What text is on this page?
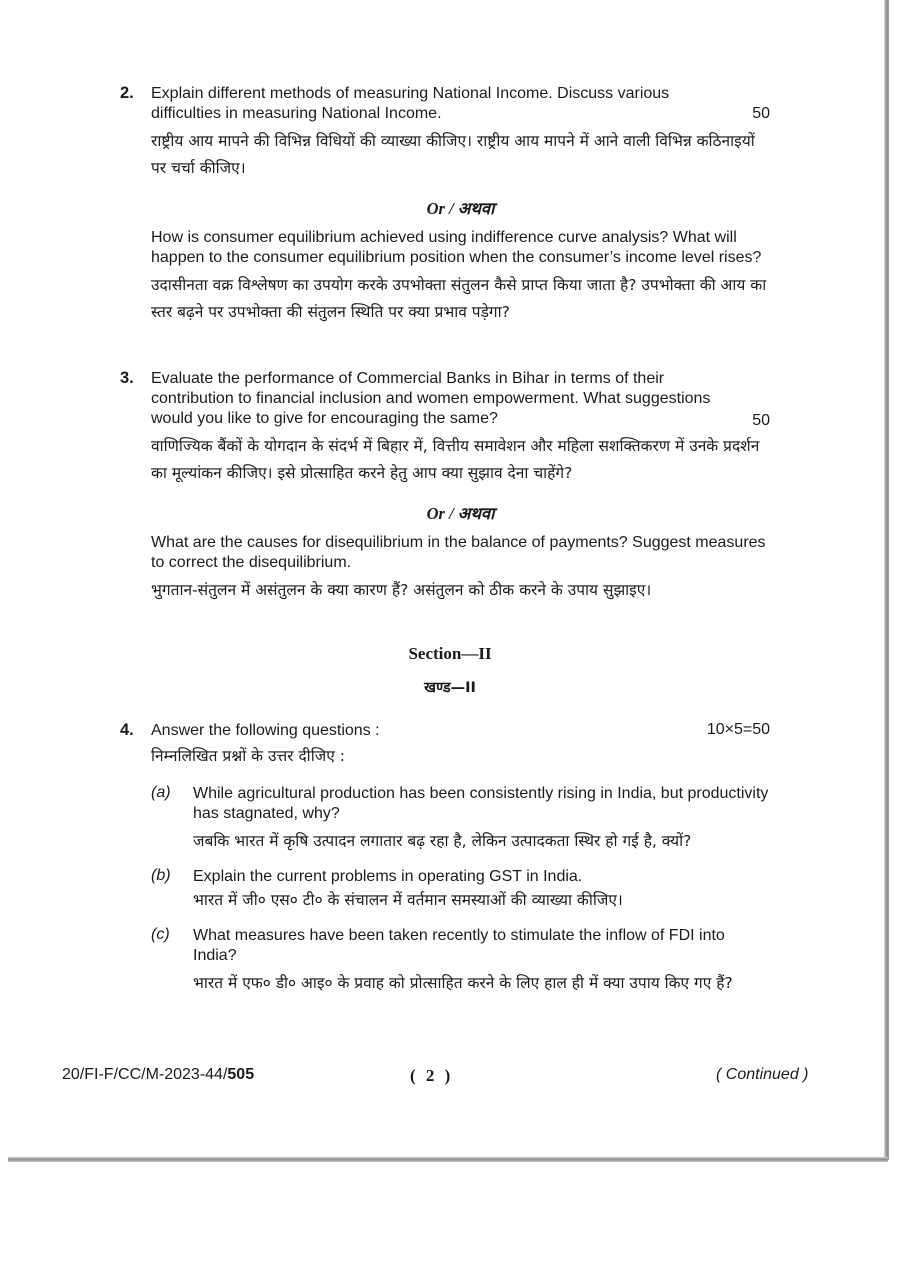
2. Explain different methods of measuring National Income. Discuss various difficulties in measuring National Income.	50
राष्ट्रीय आय मापने की विभिन्न विधियों की व्याख्या कीजिए। राष्ट्रीय आय मापने में आने वाली विभिन्न कठिनाइयों पर चर्चा कीजिए।
Or / अथवा
How is consumer equilibrium achieved using indifference curve analysis? What will happen to the consumer equilibrium position when the consumer’s income level rises?
उदासीनता वक्र विश्लेषण का उपयोग करके उपभोक्ता संतुलन कैसे प्राप्त किया जाता है? उपभोक्ता की आय का स्तर बढ़ने पर उपभोक्ता की संतुलन स्थिति पर क्या प्रभाव पड़ेगा?
3. Evaluate the performance of Commercial Banks in Bihar in terms of their contribution to financial inclusion and women empowerment. What suggestions would you like to give for encouraging the same?	50
वाणिज्यिक बैंकों के योगदान के संदर्भ में बिहार में, वित्तीय समावेशन और महिला सशक्तिकरण में उनके प्रदर्शन का मूल्यांकन कीजिए। इसे प्रोत्साहित करने हेतु आप क्या सुझाव देना चाहेंगे?
Or / अथवा
What are the causes for disequilibrium in the balance of payments? Suggest measures to correct the disequilibrium.
भुगतान-संतुलन में असंतुलन के क्या कारण हैं? असंतुलन को ठीक करने के उपाय सुझाइए।
Section—II
खण्ड—II
4. Answer the following questions :	10×5=50
निम्नलिखित प्रश्नों के उत्तर दीजिए :
(a) While agricultural production has been consistently rising in India, but productivity has stagnated, why?
जबकि भारत में कृषि उत्पादन लगातार बढ़ रहा है, लेकिन उत्पादकता स्थिर हो गई है, क्यों?
(b) Explain the current problems in operating GST in India.
भारत में जी० एस० टी० के संचालन में वर्तमान समस्याओं की व्याख्या कीजिए।
(c) What measures have been taken recently to stimulate the inflow of FDI into India?
भारत में एफ० डी० आइ० के प्रवाह को प्रोत्साहित करने के लिए हाल ही में क्या उपाय किए गए हैं?
20/FI-F/CC/M-2023-44/505	( 2 )	( Continued )
